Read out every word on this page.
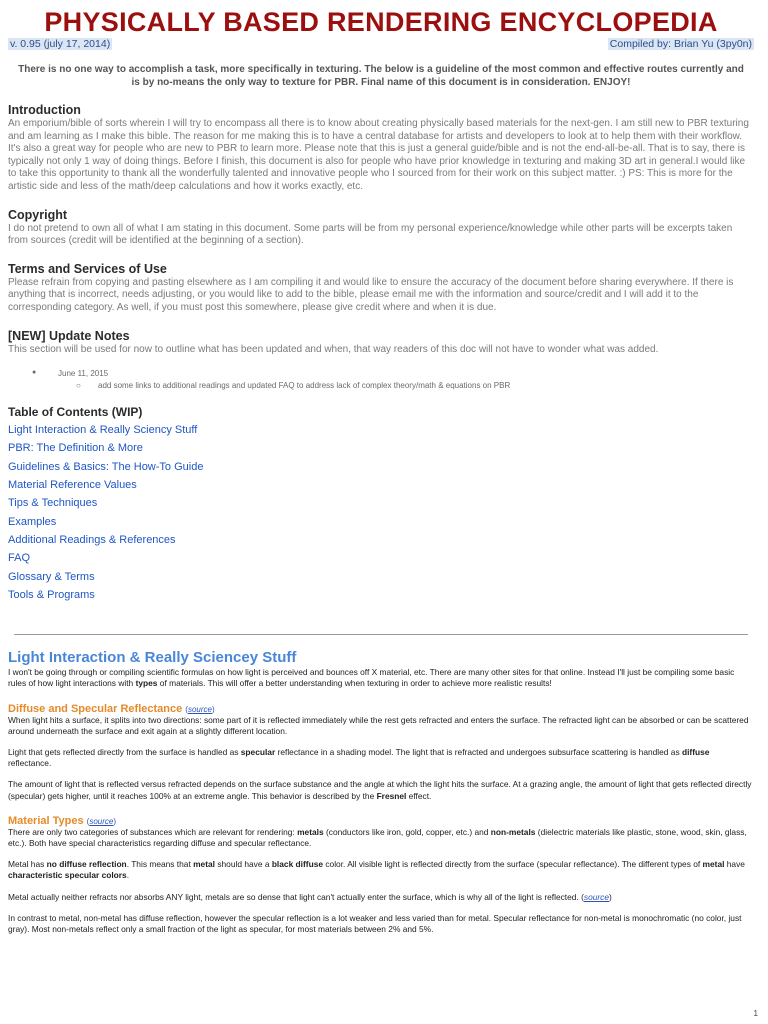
PHYSICALLY BASED RENDERING ENCYCLOPEDIA
v. 0.95 (july 17, 2014)	Compiled by: Brian Yu (3py0n)
There is no one way to accomplish a task, more specifically in texturing. The below is a guideline of the most common and effective routes currently and is by no-means the only way to texture for PBR. Final name of this document is in consideration. ENJOY!
Introduction

An emporium/bible of sorts wherein I will try to encompass all there is to know about creating physically based materials for the next-gen. I am still new to PBR texturing and am learning as I make this bible. The reason for me making this is to have a central database for artists and developers to look at to help them with their workflow. It's also a great way for people who are new to PBR to learn more. Please note that this is just a general guide/bible and is not the end-all-be-all. That is to say, there is typically not only 1 way of doing things. Before I finish, this document is also for people who have prior knowledge in texturing and making 3D art in general.I would like to take this opportunity to thank all the wonderfully talented and innovative people who I sourced from for their work on this subject matter. :) PS: This is more for the artistic side and less of the math/deep calculations and how it works exactly, etc.

Copyright

I do not pretend to own all of what I am stating in this document. Some parts will be from my personal experience/knowledge while other parts will be excerpts taken from sources (credit will be identified at the beginning of a section).

Terms and Services of Use

Please refrain from copying and pasting elsewhere as I am compiling it and would like to ensure the accuracy of the document before sharing everywhere. If there is anything that is incorrect, needs adjusting, or you would like to add to the bible, please email me with the information and source/credit and I will add it to the corresponding category. As well, if you must post this somewhere, please give credit where and when it is due.

[NEW] Update Notes

This section will be used for now to outline what has been updated and when, that way readers of this doc will not have to wonder what was added.

●	June 11, 2015
○	add some links to additional readings and updated FAQ to address lack of complex theory/math & equations on PBR
Table of Contents (WIP)
Light Interaction & Really Sciency Stuff
PBR: The Definition & More
Guidelines & Basics: The How-To Guide
Material Reference Values
Tips & Techniques
Examples
Additional Readings & References
FAQ
Glossary & Terms
Tools & Programs
Light Interaction & Really Sciencey Stuff

I won't be going through or compiling scientific formulas on how light is perceived and bounces off X material, etc. There are many other sites for that online. Instead I'll just be compiling some basic rules of how light interactions with types of materials. This will offer a better understanding when texturing in order to achieve more realistic results!

Diffuse and Specular Reflectance (source)

When light hits a surface, it splits into two directions: some part of it is reflected immediately while the rest gets refracted and enters the surface. The refracted light can be absorbed or can be scattered around underneath the surface and exit again at a slightly different location.

Light that gets reflected directly from the surface is handled as specular reflectance in a shading model. The light that is refracted and undergoes subsurface scattering is handled as diffuse reflectance.

The amount of light that is reflected versus refracted depends on the surface substance and the angle at which the light hits the surface. At a grazing angle, the amount of light that gets reflected directly (specular) gets higher, until it reaches 100% at an extreme angle. This behavior is described by the Fresnel effect.

Material Types (source)

There are only two categories of substances which are relevant for rendering: metals (conductors like iron, gold, copper, etc.) and non-metals (dielectric materials like plastic, stone, wood, skin, glass, etc.). Both have special characteristics regarding diffuse and specular reflectance.

Metal has no diffuse reflection. This means that metal should have a black diffuse color. All visible light is reflected directly from the surface (specular reflectance). The different types of metal have characteristic specular colors.

Metal actually neither refracts nor absorbs ANY light, metals are so dense that light can't actually enter the surface, which is why all of the light is reflected. (source)

In contrast to metal, non-metal has diffuse reflection, however the specular reflection is a lot weaker and less varied than for metal. Specular reflectance for non-metal is monochromatic (no color, just gray). Most non-metals reflect only a small fraction of the light as specular, for most materials between 2% and 5%.

1
